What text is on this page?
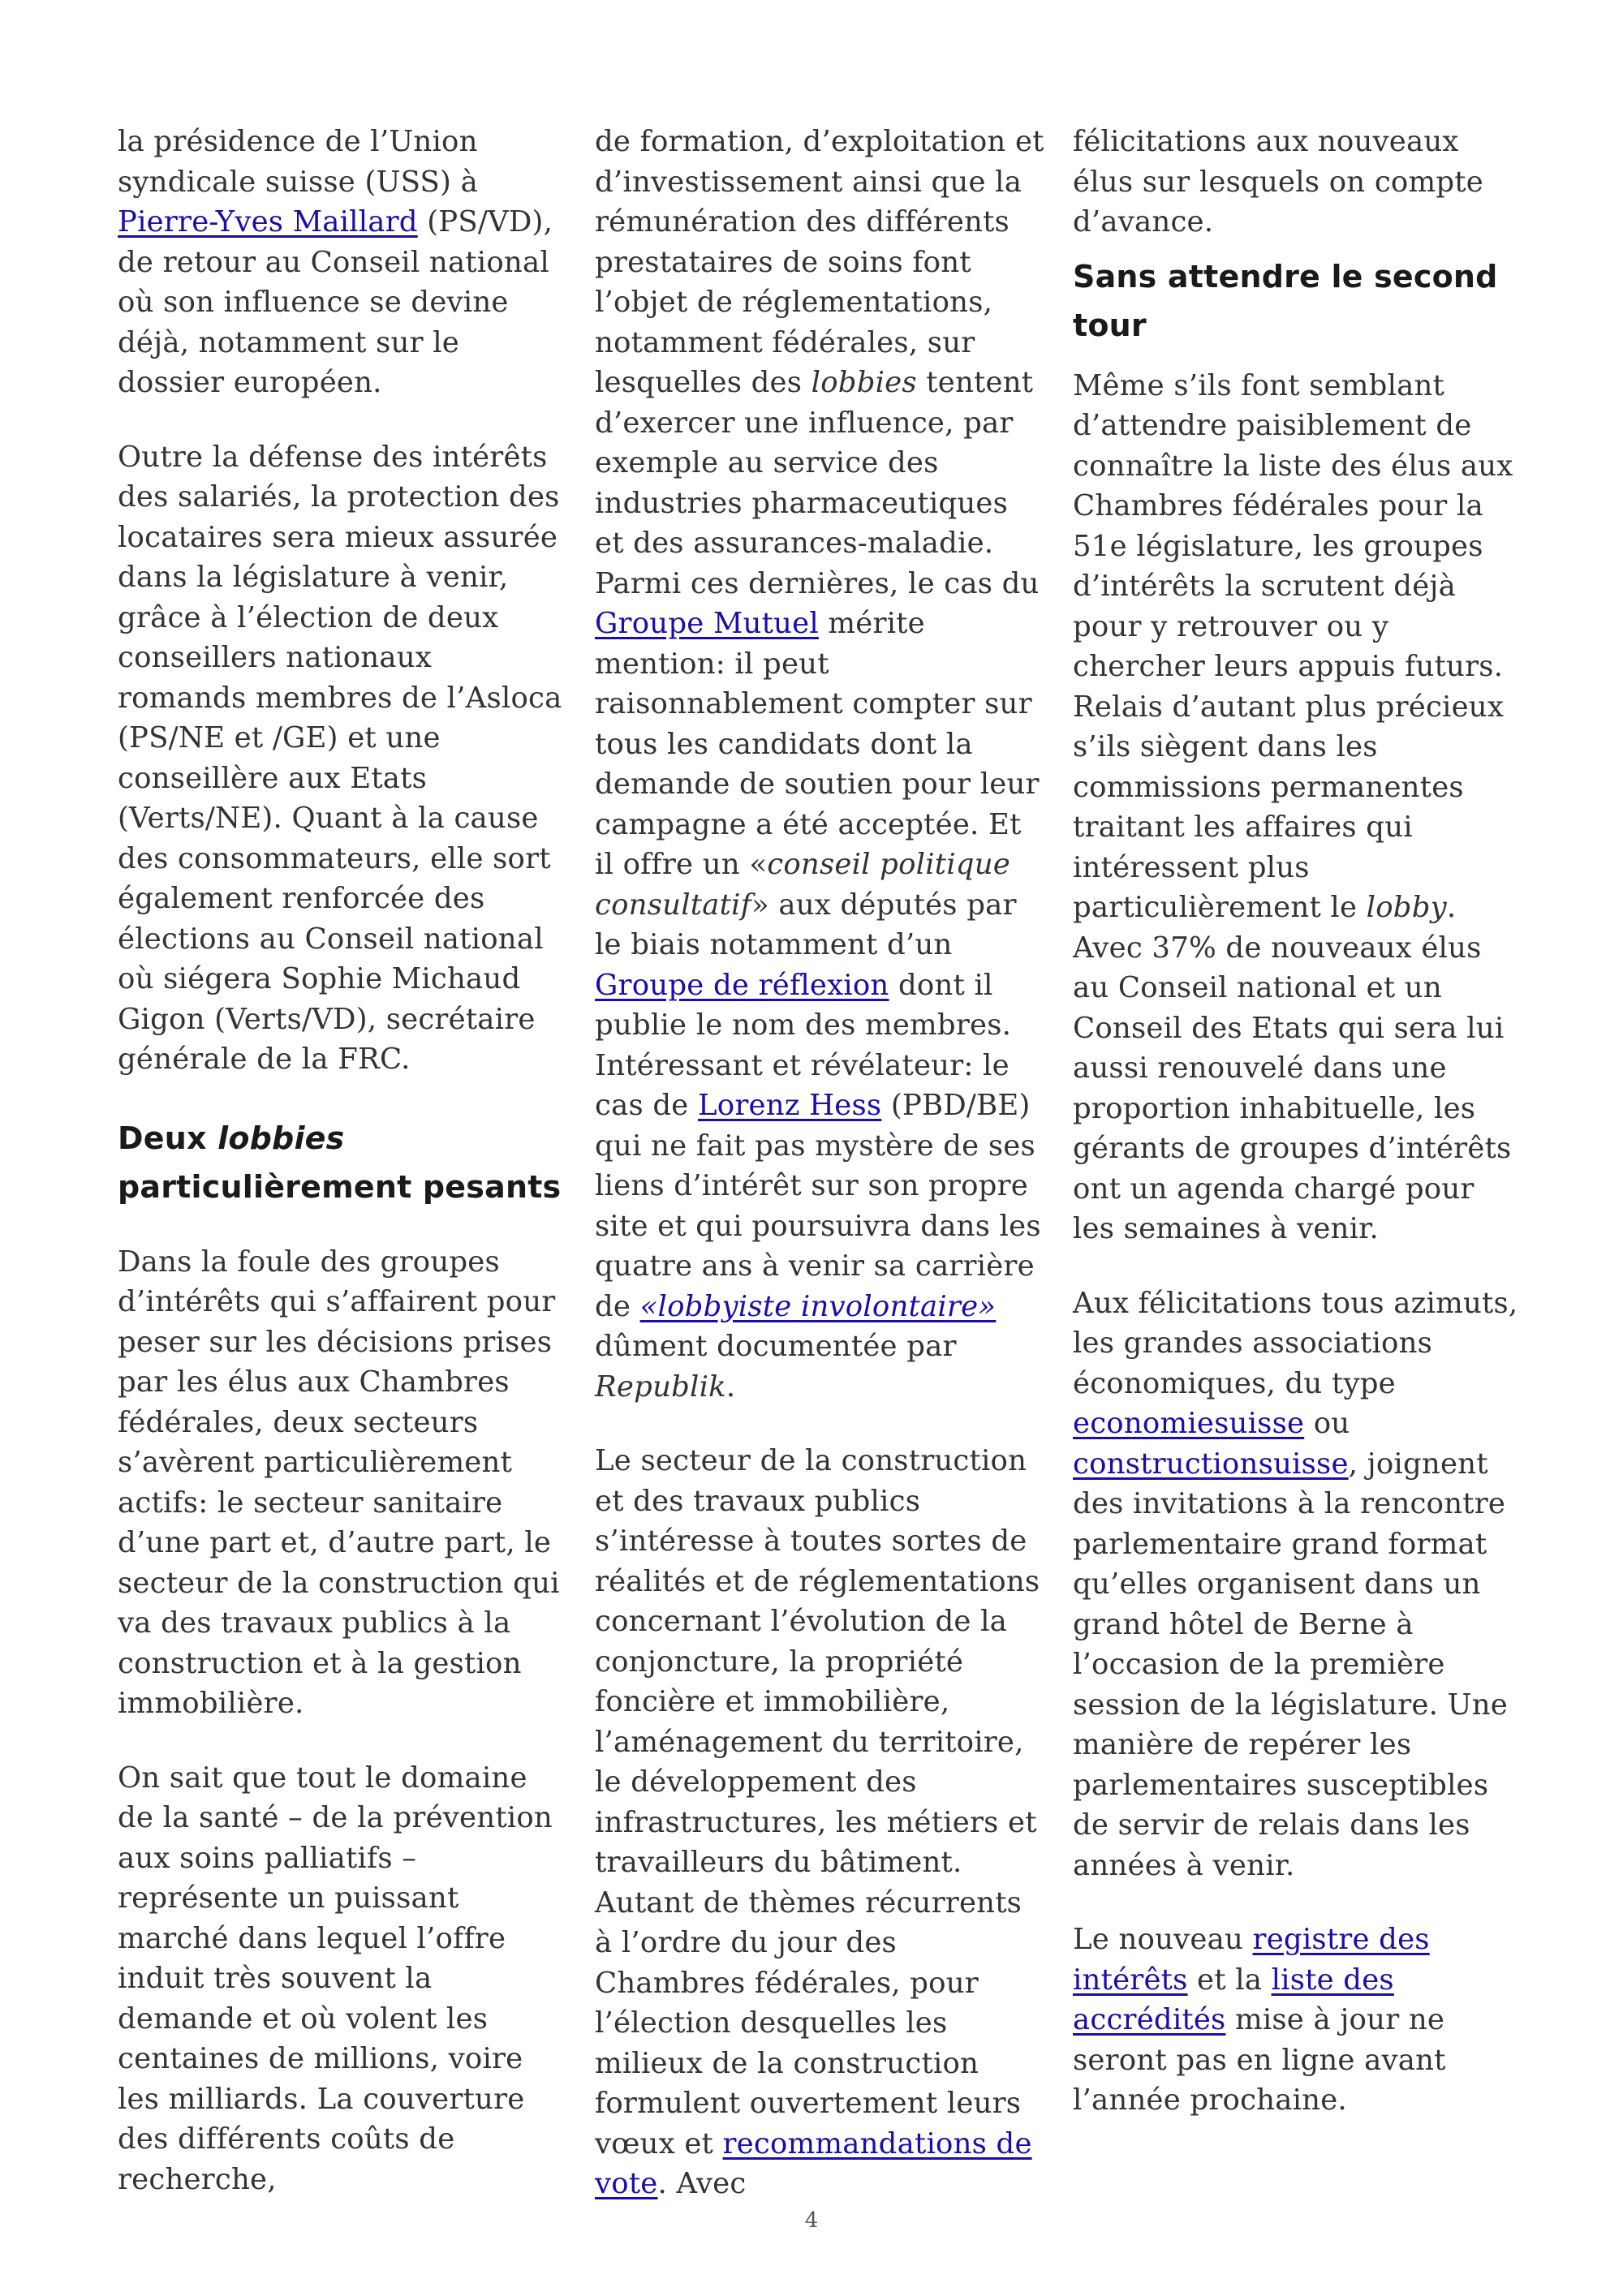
la présidence de l’Union syndicale suisse (USS) à Pierre-Yves Maillard (PS/VD), de retour au Conseil national où son influence se devine déjà, notamment sur le dossier européen.

Outre la défense des intérêts des salariés, la protection des locataires sera mieux assurée dans la législature à venir, grâce à l’élection de deux conseillers nationaux romands membres de l’Asloca (PS/NE et /GE) et une conseillère aux Etats (Verts/NE). Quant à la cause des consommateurs, elle sort également renforcée des élections au Conseil national où siégera Sophie Michaud Gigon (Verts/VD), secrétaire générale de la FRC.

Deux lobbies particulièrement pesants

Dans la foule des groupes d’intérêts qui s’affairent pour peser sur les décisions prises par les élus aux Chambres fédérales, deux secteurs s’avèrent particulièrement actifs: le secteur sanitaire d’une part et, d’autre part, le secteur de la construction qui va des travaux publics à la construction et à la gestion immobilière.

On sait que tout le domaine de la santé – de la prévention aux soins palliatifs – représente un puissant marché dans lequel l’offre induit très souvent la demande et où volent les centaines de millions, voire les milliards. La couverture des différents coûts de recherche,

de formation, d’exploitation et d’investissement ainsi que la rémunération des différents prestataires de soins font l’objet de réglementations, notamment fédérales, sur lesquelles des lobbies tentent d’exercer une influence, par exemple au service des industries pharmaceutiques et des assurances-maladie. Parmi ces dernières, le cas du Groupe Mutuel mérite mention: il peut raisonnablement compter sur tous les candidats dont la demande de soutien pour leur campagne a été acceptée. Et il offre un «conseil politique consultatif» aux députés par le biais notamment d’un Groupe de réflexion dont il publie le nom des membres. Intéressant et révélateur: le cas de Lorenz Hess (PBD/BE) qui ne fait pas mystère de ses liens d’intérêt sur son propre site et qui poursuivra dans les quatre ans à venir sa carrière de «lobbyiste involontaire» dûment documentée par Republik.

Le secteur de la construction et des travaux publics s’intéresse à toutes sortes de réalités et de réglementations concernant l’évolution de la conjoncture, la propriété foncière et immobilière, l’aménagement du territoire, le développement des infrastructures, les métiers et travailleurs du bâtiment. Autant de thèmes récurrents à l’ordre du jour des Chambres fédérales, pour l’élection desquelles les milieux de la construction formulent ouvertement leurs vœux et recommandations de vote. Avec

félicitations aux nouveaux élus sur lesquels on compte d’avance.

Sans attendre le second tour

Même s’ils font semblant d’attendre paisiblement de connaître la liste des élus aux Chambres fédérales pour la 51e législature, les groupes d’intérêts la scrutent déjà pour y retrouver ou y chercher leurs appuis futurs. Relais d’autant plus précieux s’ils siègent dans les commissions permanentes traitant les affaires qui intéressent plus particulièrement le lobby. Avec 37% de nouveaux élus au Conseil national et un Conseil des Etats qui sera lui aussi renouvelé dans une proportion inhabituelle, les gérants de groupes d’intérêts ont un agenda chargé pour les semaines à venir.

Aux félicitations tous azimuts, les grandes associations économiques, du type economiesuisse ou constructionsuisse, joignent des invitations à la rencontre parlementaire grand format qu’elles organisent dans un grand hôtel de Berne à l’occasion de la première session de la législature. Une manière de repérer les parlementaires susceptibles de servir de relais dans les années à venir.

Le nouveau registre des intérêts et la liste des accrédités mise à jour ne seront pas en ligne avant l’année prochaine.

4
